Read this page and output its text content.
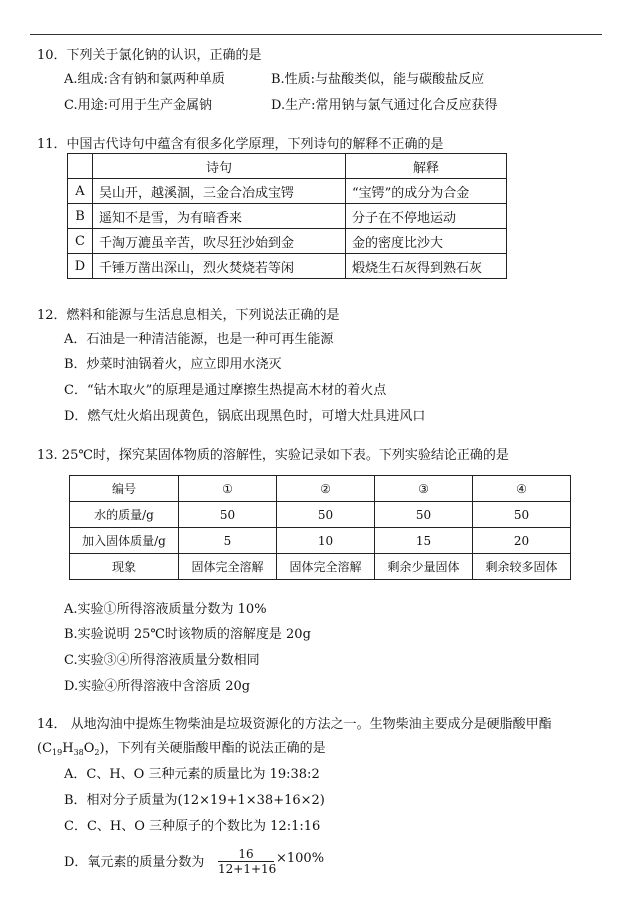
10．下列关于氯化钠的认识，正确的是
A.组成:含有钠和氯两种单质	B.性质:与盐酸类似，能与碳酸盐反应
C.用途:可用于生产金属钠	D.生产:常用钠与氯气通过化合反应获得
11．中国古代诗句中蕴含有很多化学原理，下列诗句的解释不正确的是
	诗句	解释
A	吴山开，越溪涸，三金合冶成宝锷	“宝锷”的成分为合金
B	遥知不是雪，为有暗香来	分子在不停地运动
C	千淘万漉虽辛苦，吹尽狂沙始到金	金的密度比沙大
D	千锤万凿出深山，烈火焚烧若等闲	煅烧生石灰得到熟石灰
12．燃料和能源与生活息息相关，下列说法正确的是
A．石油是一种清洁能源，也是一种可再生能源
B．炒菜时油锅着火，应立即用水浇灭
C．“钻木取火”的原理是通过摩擦生热提高木材的着火点
D．燃气灶火焰出现黄色，锅底出现黑色时，可增大灶具进风口
13. 25℃时，探究某固体物质的溶解性，实验记录如下表。下列实验结论正确的是
编号	①	②	③	④
水的质量/g	50	50	50	50
加入固体质量/g	5	10	15	20
现象	固体完全溶解	固体完全溶解	剩余少量固体	剩余较多固体
A.实验①所得溶液质量分数为 10%
B.实验说明 25℃时该物质的溶解度是 20g
C.实验③④所得溶液质量分数相同
D.实验④所得溶液中含溶质 20g
14． 从地沟油中提炼生物柴油是垃圾资源化的方法之一。生物柴油主要成分是硬脂酸甲酯
$(C_{19}H_{38}O_2)$，下列有关硬脂酸甲酯的说法正确的是
A．C、H、O 三种元素的质量比为 19:38:2
B．相对分子质量为(12×19+1×38+16×2)
C．C、H、O 三种原子的个数比为 12:1:16
D．氧元素的质量分数为 $\frac{16}{12+1+16} \times 100\%$
